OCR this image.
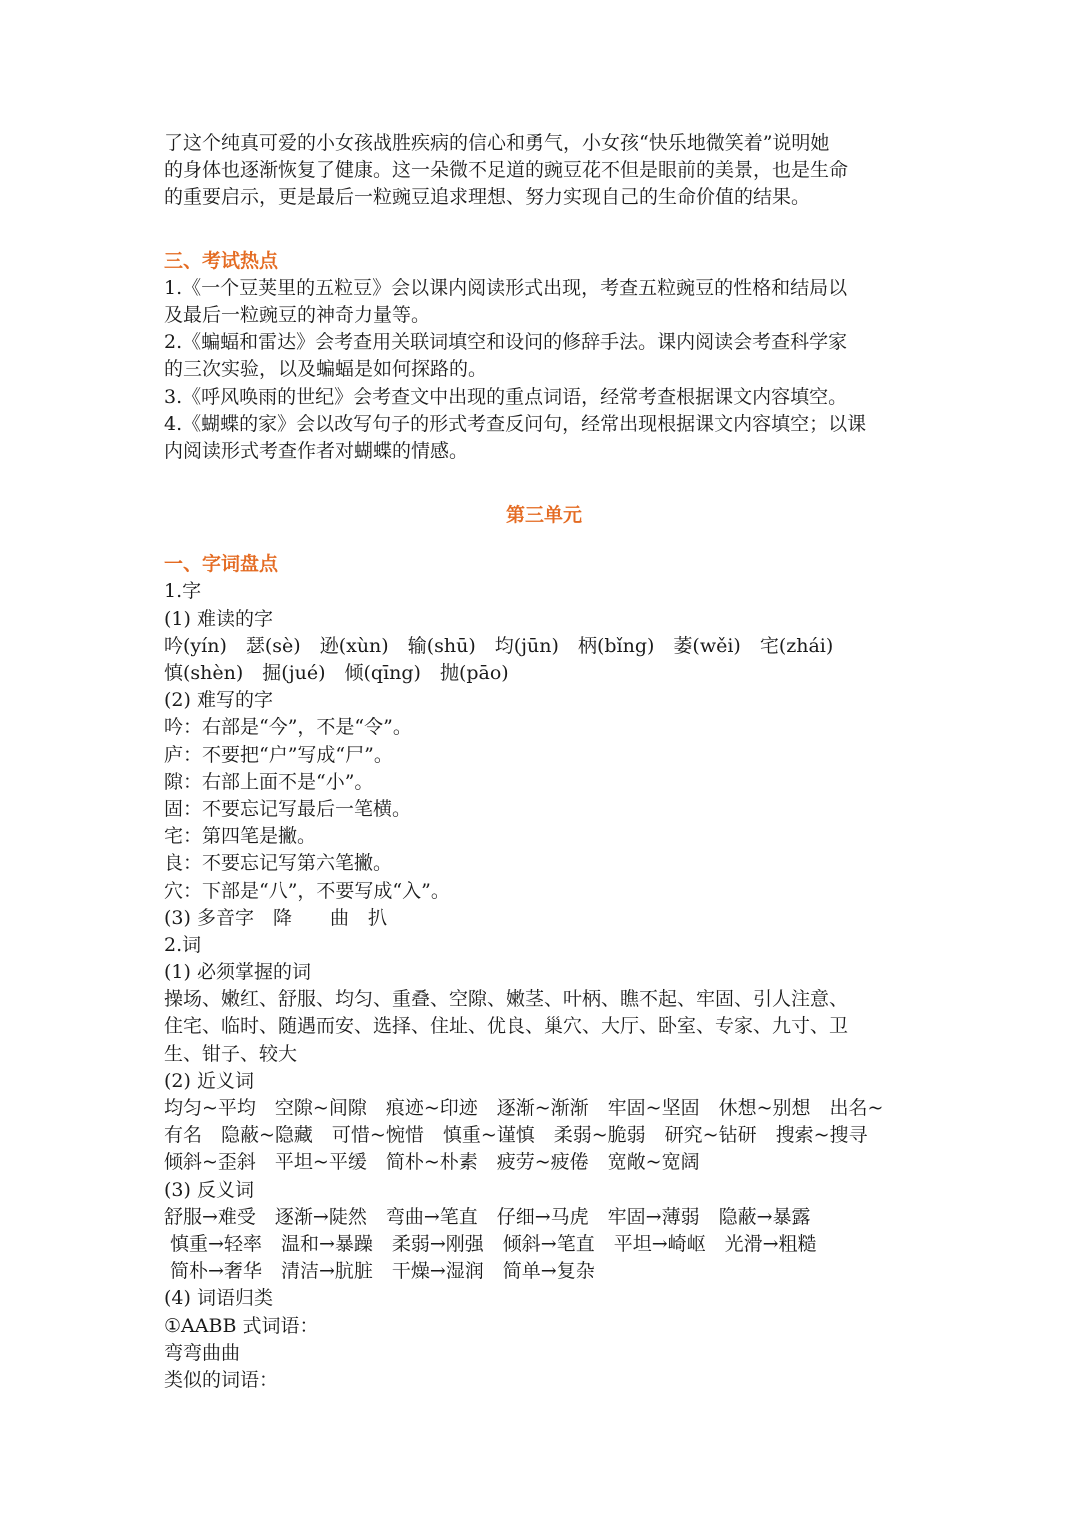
了这个纯真可爱的小女孩战胜疾病的信心和勇气，小女孩“快乐地微笑着”说明她
的身体也逐渐恢复了健康。这一朵微不足道的豌豆花不但是眼前的美景，也是生命
的重要启示，更是最后一粒豌豆追求理想、努力实现自己的生命价值的结果。
三、考试热点
1.《一个豆荚里的五粒豆》会以课内阅读形式出现，考查五粒豌豆的性格和结局以
及最后一粒豌豆的神奇力量等。
2.《蝙蝠和雷达》会考查用关联词填空和设问的修辞手法。课内阅读会考查科学家
的三次实验，以及蝙蝠是如何探路的。
3.《呼风唤雨的世纪》会考查文中出现的重点词语，经常考查根据课文内容填空。
4.《蝴蝶的家》会以改写句子的形式考查反问句，经常出现根据课文内容填空；以课
内阅读形式考查作者对蝴蝶的情感。
第三单元
一、字词盘点
1.字
(1) 难读的字
吟(yín)　瑟(sè)　逊(xùn)　输(shū)　均(jūn)　柄(bǐng)　萎(wěi)　宅(zhái)
慎(shèn)　掘(jué)　倾(qīng)　抛(pāo)
(2) 难写的字
吟：右部是“今”，不是“令”。
庐：不要把“户”写成“尸”。
隙：右部上面不是“小”。
固：不要忘记写最后一笔横。
宅：第四笔是撇。
良：不要忘记写第六笔撇。
穴：下部是“八”，不要写成“入”。
(3) 多音字　降　　曲　扒
2.词
(1) 必须掌握的词
操场、嫩红、舒服、均匀、重叠、空隙、嫩茎、叶柄、瞧不起、牢固、引人注意、
住宅、临时、随遇而安、选择、住址、优良、巢穴、大厅、卧室、专家、九寸、卫
生、钳子、较大
(2) 近义词
均匀~平均　空隙~间隙　痕迹~印迹　逐渐~渐渐　牢固~坚固　休想~别想　出名~
有名　隐蔽~隐藏　可惜~惋惜　慎重~谨慎　柔弱~脆弱　研究~钻研　搜索~搜寻
倾斜~歪斜　平坦~平缓　简朴~朴素　疲劳~疲倦　宽敞~宽阔
(3) 反义词
舒服→难受　逐渐→陡然　弯曲→笔直　仔细→马虎　牢固→薄弱　隐蔽→暴露
慎重→轻率　温和→暴躁　柔弱→刚强　倾斜→笔直　平坦→崎岖　光滑→粗糙
简朴→奢华　清洁→肮脏　干燥→湿润　简单→复杂
(4) 词语归类
①AABB 式词语：
弯弯曲曲
类似的词语：
